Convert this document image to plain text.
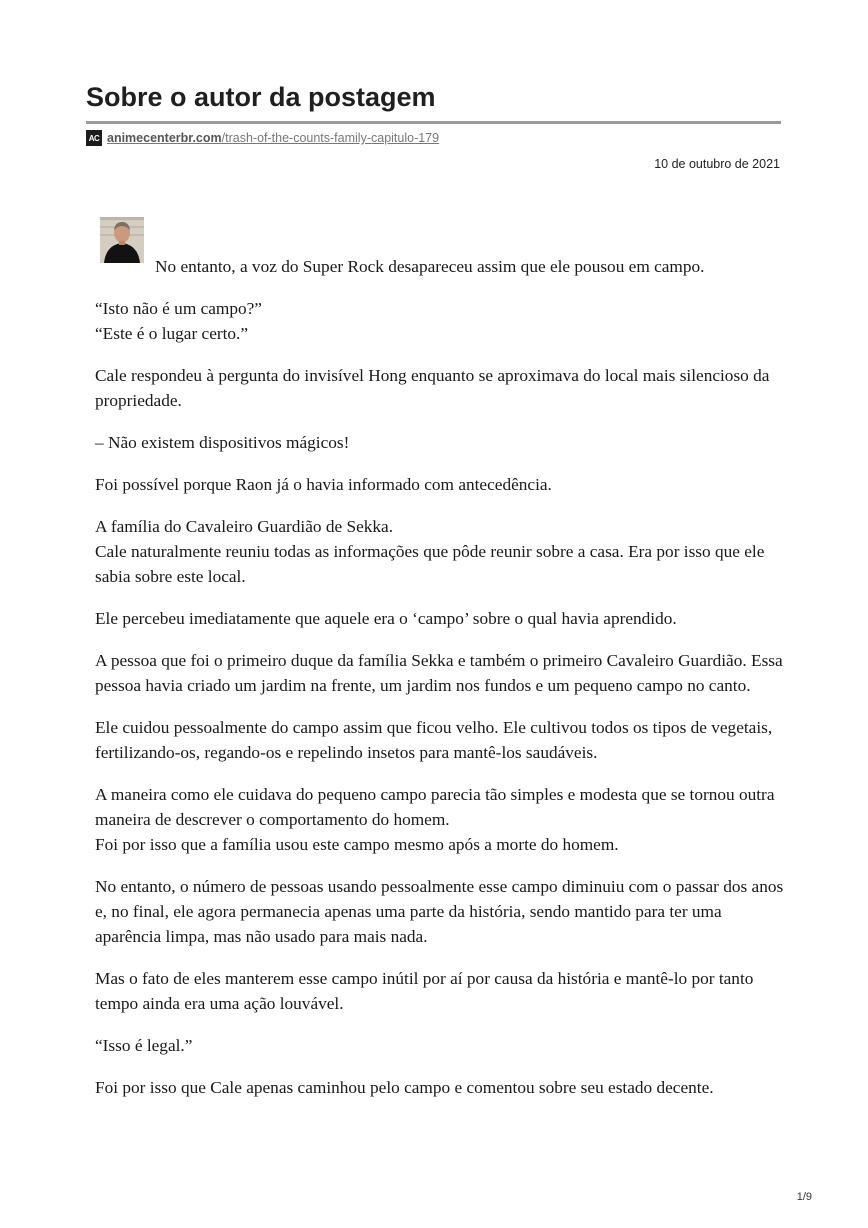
Sobre o autor da postagem
AC animecenterbr.com/trash-of-the-counts-family-capitulo-179
10 de outubro de 2021

No entanto, a voz do Super Rock desapareceu assim que ele pousou em campo.

“Isto não é um campo?”
“Este é o lugar certo.”

Cale respondeu à pergunta do invisível Hong enquanto se aproximava do local mais silencioso da propriedade.

– Não existem dispositivos mágicos!

Foi possível porque Raon já o havia informado com antecedência.

A família do Cavaleiro Guardião de Sekka.
Cale naturalmente reuniu todas as informações que pôde reunir sobre a casa. Era por isso que ele sabia sobre este local.

Ele percebeu imediatamente que aquele era o ‘campo’ sobre o qual havia aprendido.

A pessoa que foi o primeiro duque da família Sekka e também o primeiro Cavaleiro Guardião. Essa pessoa havia criado um jardim na frente, um jardim nos fundos e um pequeno campo no canto.

Ele cuidou pessoalmente do campo assim que ficou velho. Ele cultivou todos os tipos de vegetais, fertilizando-os, regando-os e repelindo insetos para mantê-los saudáveis.

A maneira como ele cuidava do pequeno campo parecia tão simples e modesta que se tornou outra maneira de descrever o comportamento do homem.
Foi por isso que a família usou este campo mesmo após a morte do homem.

No entanto, o número de pessoas usando pessoalmente esse campo diminuiu com o passar dos anos e, no final, ele agora permanecia apenas uma parte da história, sendo mantido para ter uma aparência limpa, mas não usado para mais nada.

Mas o fato de eles manterem esse campo inútil por aí por causa da história e mantê-lo por tanto tempo ainda era uma ação louvável.

“Isso é legal.”

Foi por isso que Cale apenas caminhou pelo campo e comentou sobre seu estado decente.

1/9
